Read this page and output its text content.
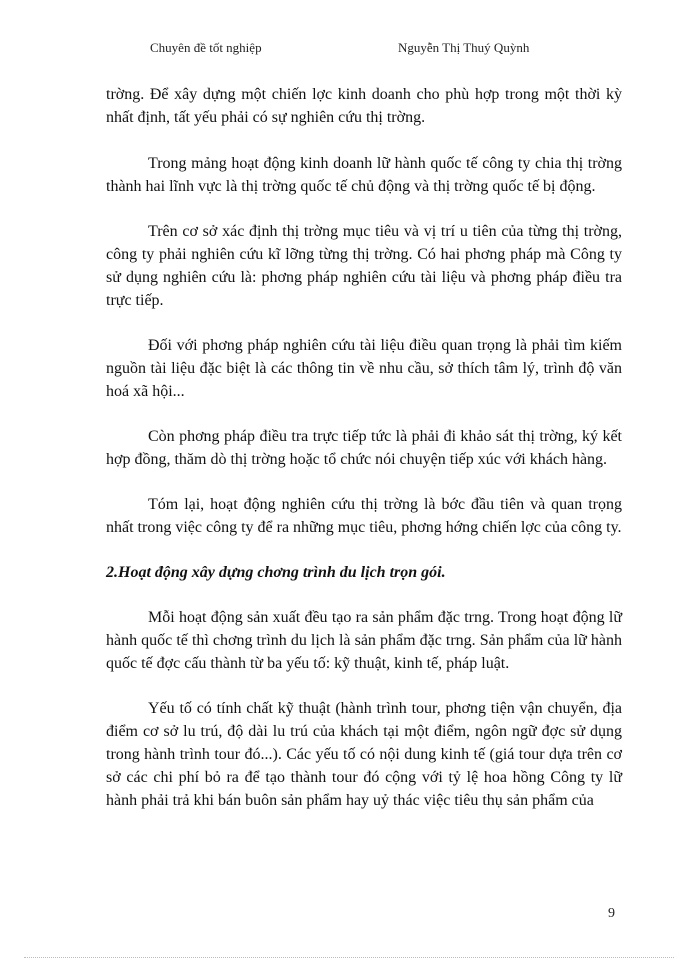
Chuyên đề tốt nghiệp	Nguyễn Thị Thuý Quỳnh

trờng. Để xây dựng một chiến lợc kinh doanh cho phù hợp trong một thời kỳ nhất định, tất yếu phải có sự nghiên cứu thị trờng.

Trong mảng hoạt động kinh doanh lữ hành quốc tế công ty chia thị trờng thành hai lĩnh vực là thị trờng quốc tế chủ động và thị trờng quốc tế bị động.

Trên cơ sở xác định thị trờng mục tiêu và vị trí u tiên của từng thị trờng, công ty phải nghiên cứu kĩ lỡng từng thị trờng. Có hai phơng pháp mà Công ty sử dụng nghiên cứu là: phơng pháp nghiên cứu tài liệu và phơng pháp điều tra trực tiếp.

Đối với phơng pháp nghiên cứu tài liệu điều quan trọng là phải tìm kiếm nguồn tài liệu đặc biệt là các thông tin về nhu cầu, sở thích tâm lý, trình độ văn hoá xã hội...

Còn phơng pháp điều tra trực tiếp tức là phải đi khảo sát thị trờng, ký kết hợp đồng, thăm dò thị trờng hoặc tổ chức nói chuyện tiếp xúc với khách hàng.

Tóm lại, hoạt động nghiên cứu thị trờng là bớc đầu tiên và quan trọng nhất trong việc công ty để ra những mục tiêu, phơng hớng chiến lợc của công ty.

2.Hoạt động xây dựng chơng trình du lịch trọn gói.

Mỗi hoạt động sản xuất đều tạo ra sản phẩm đặc trng. Trong hoạt động lữ hành quốc tế thì chơng trình du lịch là sản phẩm đặc trng. Sản phẩm của lữ hành quốc tế đợc cấu thành từ ba yếu tố: kỹ thuật, kinh tế, pháp luật.

Yếu tố có tính chất kỹ thuật (hành trình tour, phơng tiện vận chuyển, địa điểm cơ sở lu trú, độ dài lu trú của khách tại một điểm, ngôn ngữ đợc sử dụng trong hành trình tour đó...). Các yếu tố có nội dung kinh tế (giá tour dựa trên cơ sở các chi phí bỏ ra để tạo thành tour đó cộng với tỷ lệ hoa hồng Công ty lữ hành phải trả khi bán buôn sản phẩm hay uỷ thác việc tiêu thụ sản phẩm của

9
